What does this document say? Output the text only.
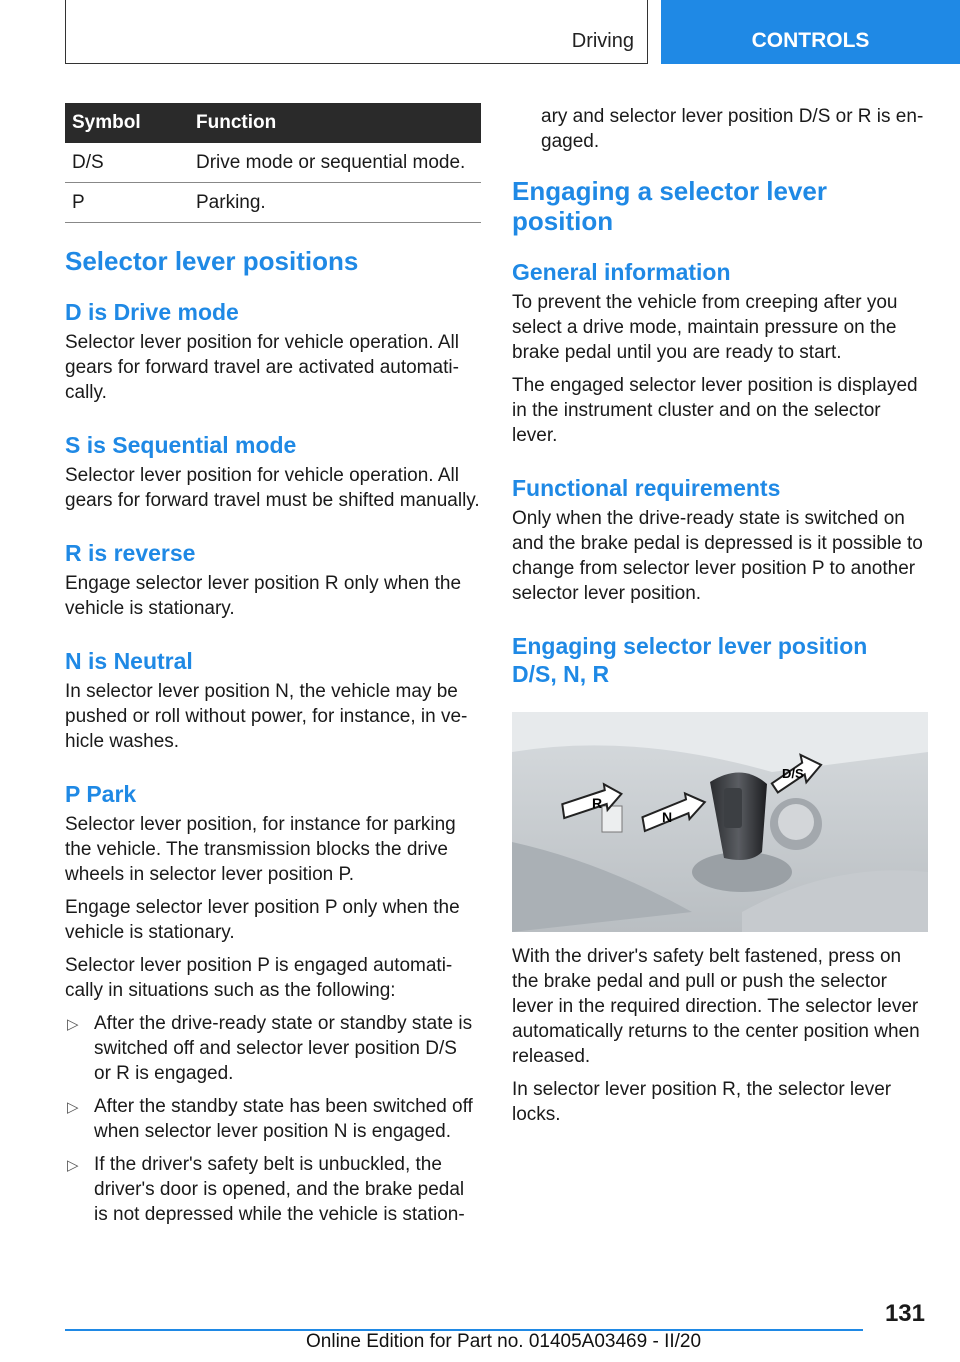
Driving	CONTROLS
Symbol	Function
D/S	Drive mode or sequential mode.
P	Parking.
Selector lever positions
D is Drive mode
Selector lever position for vehicle operation. All
gears for forward travel are activated automati-
cally.
S is Sequential mode
Selector lever position for vehicle operation. All
gears for forward travel must be shifted manually.
R is reverse
Engage selector lever position R only when the
vehicle is stationary.
N is Neutral
In selector lever position N, the vehicle may be
pushed or roll without power, for instance, in ve-
hicle washes.
P Park
Selector lever position, for instance for parking
the vehicle. The transmission blocks the drive
wheels in selector lever position P.
Engage selector lever position P only when the
vehicle is stationary.
Selector lever position P is engaged automati-
cally in situations such as the following:
▷ After the drive-ready state or standby state is
switched off and selector lever position D/S
or R is engaged.
▷ After the standby state has been switched off
when selector lever position N is engaged.
▷ If the driver's safety belt is unbuckled, the
driver's door is opened, and the brake pedal
is not depressed while the vehicle is station-
ary and selector lever position D/S or R is en-
gaged.
Engaging a selector lever
position
General information
To prevent the vehicle from creeping after you
select a drive mode, maintain pressure on the
brake pedal until you are ready to start.
The engaged selector lever position is displayed
in the instrument cluster and on the selector
lever.
Functional requirements
Only when the drive-ready state is switched on
and the brake pedal is depressed is it possible to
change from selector lever position P to another
selector lever position.
Engaging selector lever position
D/S, N, R
R
N
D/S
With the driver's safety belt fastened, press on
the brake pedal and pull or push the selector
lever in the required direction. The selector lever
automatically returns to the center position when
released.
In selector lever position R, the selector lever
locks.
131
Online Edition for Part no. 01405A03469 - II/20
